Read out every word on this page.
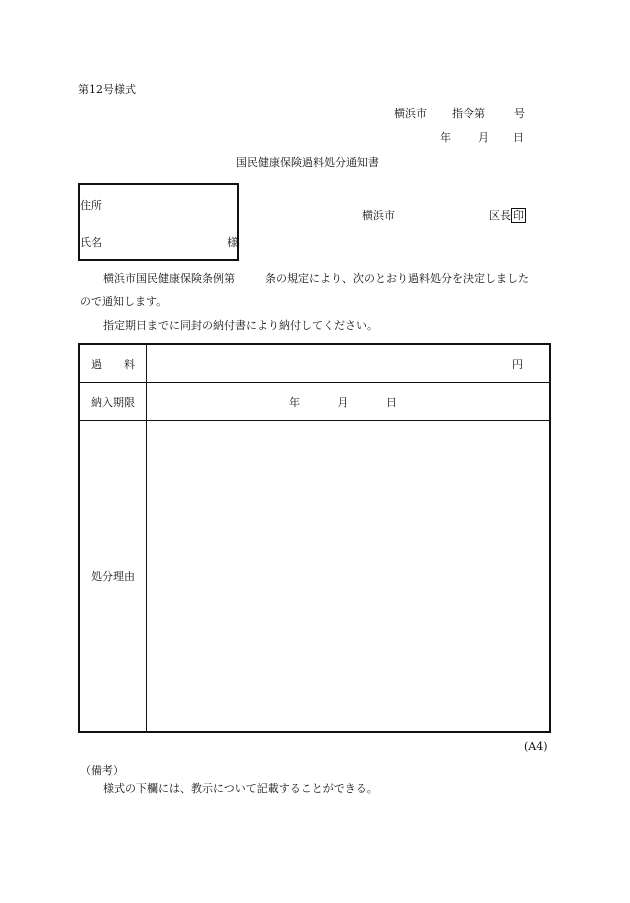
第12号様式
横浜市 指令第	号
年 月 日
国民健康保険過料処分通知書
住所
氏名	様
横浜市	区長 印
横浜市国民健康保険条例第	条の規定により、次のとおり過料処分を決定しました
ので通知します。
指定期日までに同封の納付書により納付してください。
過　　料	円
納入期限	年 月 日
処分理由	
(A4)
（備考）
様式の下欄には、教示について記載することができる。
